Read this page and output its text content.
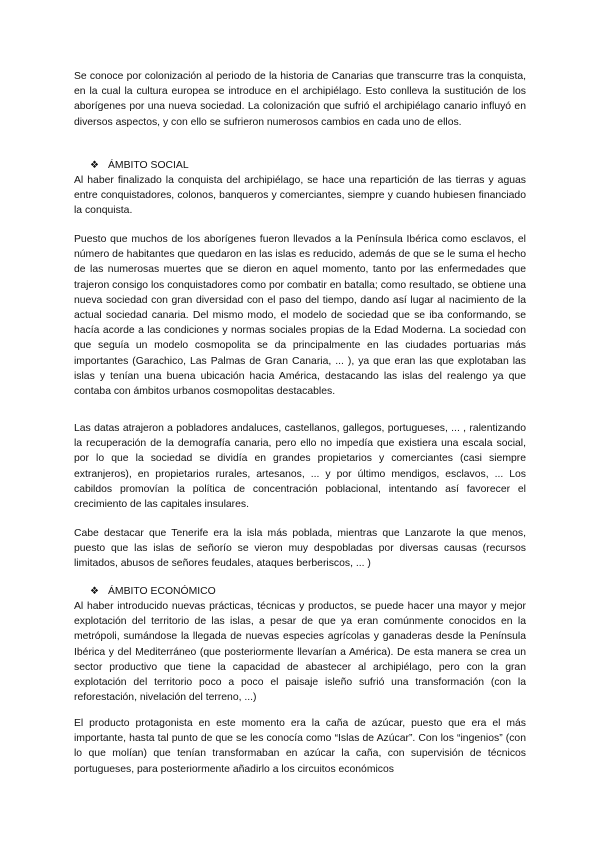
Se conoce por colonización al periodo de la historia de Canarias que transcurre tras la conquista, en la cual la cultura europea se introduce en el archipiélago. Esto conlleva la sustitución de los aborígenes por una nueva sociedad. La colonización que sufrió el archipiélago canario influyó en diversos aspectos, y con ello se sufrieron numerosos cambios en cada uno de ellos.

❖ ÁMBITO SOCIAL

Al haber finalizado la conquista del archipiélago, se hace una repartición de las tierras y aguas entre conquistadores, colonos, banqueros y comerciantes, siempre y cuando hubiesen financiado la conquista.

Puesto que muchos de los aborígenes fueron llevados a la Península Ibérica como esclavos, el número de habitantes que quedaron en las islas es reducido, además de que se le suma el hecho de las numerosas muertes que se dieron en aquel momento, tanto por las enfermedades que trajeron consigo los conquistadores como por combatir en batalla; como resultado, se obtiene una nueva sociedad con gran diversidad con el paso del tiempo, dando así lugar al nacimiento de la actual sociedad canaria. Del mismo modo, el modelo de sociedad que se iba conformando, se hacía acorde a las condiciones y normas sociales propias de la Edad Moderna. La sociedad con que seguía un modelo cosmopolita se da principalmente en las ciudades portuarias más importantes (Garachico, Las Palmas de Gran Canaria, ... ), ya que eran las que explotaban las islas y tenían una buena ubicación hacia América, destacando las islas del realengo ya que contaba con ámbitos urbanos cosmopolitas destacables.

Las datas atrajeron a pobladores andaluces, castellanos, gallegos, portugueses, ... , ralentizando la recuperación de la demografía canaria, pero ello no impedía que existiera una escala social, por lo que la sociedad se dividía en grandes propietarios y comerciantes (casi siempre extranjeros), en propietarios rurales, artesanos, ... y por último mendigos, esclavos, ... Los cabildos promovían la política de concentración poblacional, intentando así favorecer el crecimiento de las capitales insulares.

Cabe destacar que Tenerife era la isla más poblada, mientras que Lanzarote la que menos, puesto que las islas de señorío se vieron muy despobladas por diversas causas (recursos limitados, abusos de señores feudales, ataques berberiscos, ... )

❖ ÁMBITO ECONÓMICO

Al haber introducido nuevas prácticas, técnicas y productos, se puede hacer una mayor y mejor explotación del territorio de las islas, a pesar de que ya eran comúnmente conocidos en la metrópoli, sumándose la llegada de nuevas especies agrícolas y ganaderas desde la Península Ibérica y del Mediterráneo (que posteriormente llevarían a América). De esta manera se crea un sector productivo que tiene la capacidad de abastecer al archipiélago, pero con la gran explotación del territorio poco a poco el paisaje isleño sufrió una transformación (con la reforestación, nivelación del terreno, ...)

El producto protagonista en este momento era la caña de azúcar, puesto que era el más importante, hasta tal punto de que se les conocía como “Islas de Azúcar”. Con los “ingenios” (con lo que molían) que tenían transformaban en azúcar la caña, con supervisión de técnicos portugueses, para posteriormente añadirlo a los circuitos económicos
